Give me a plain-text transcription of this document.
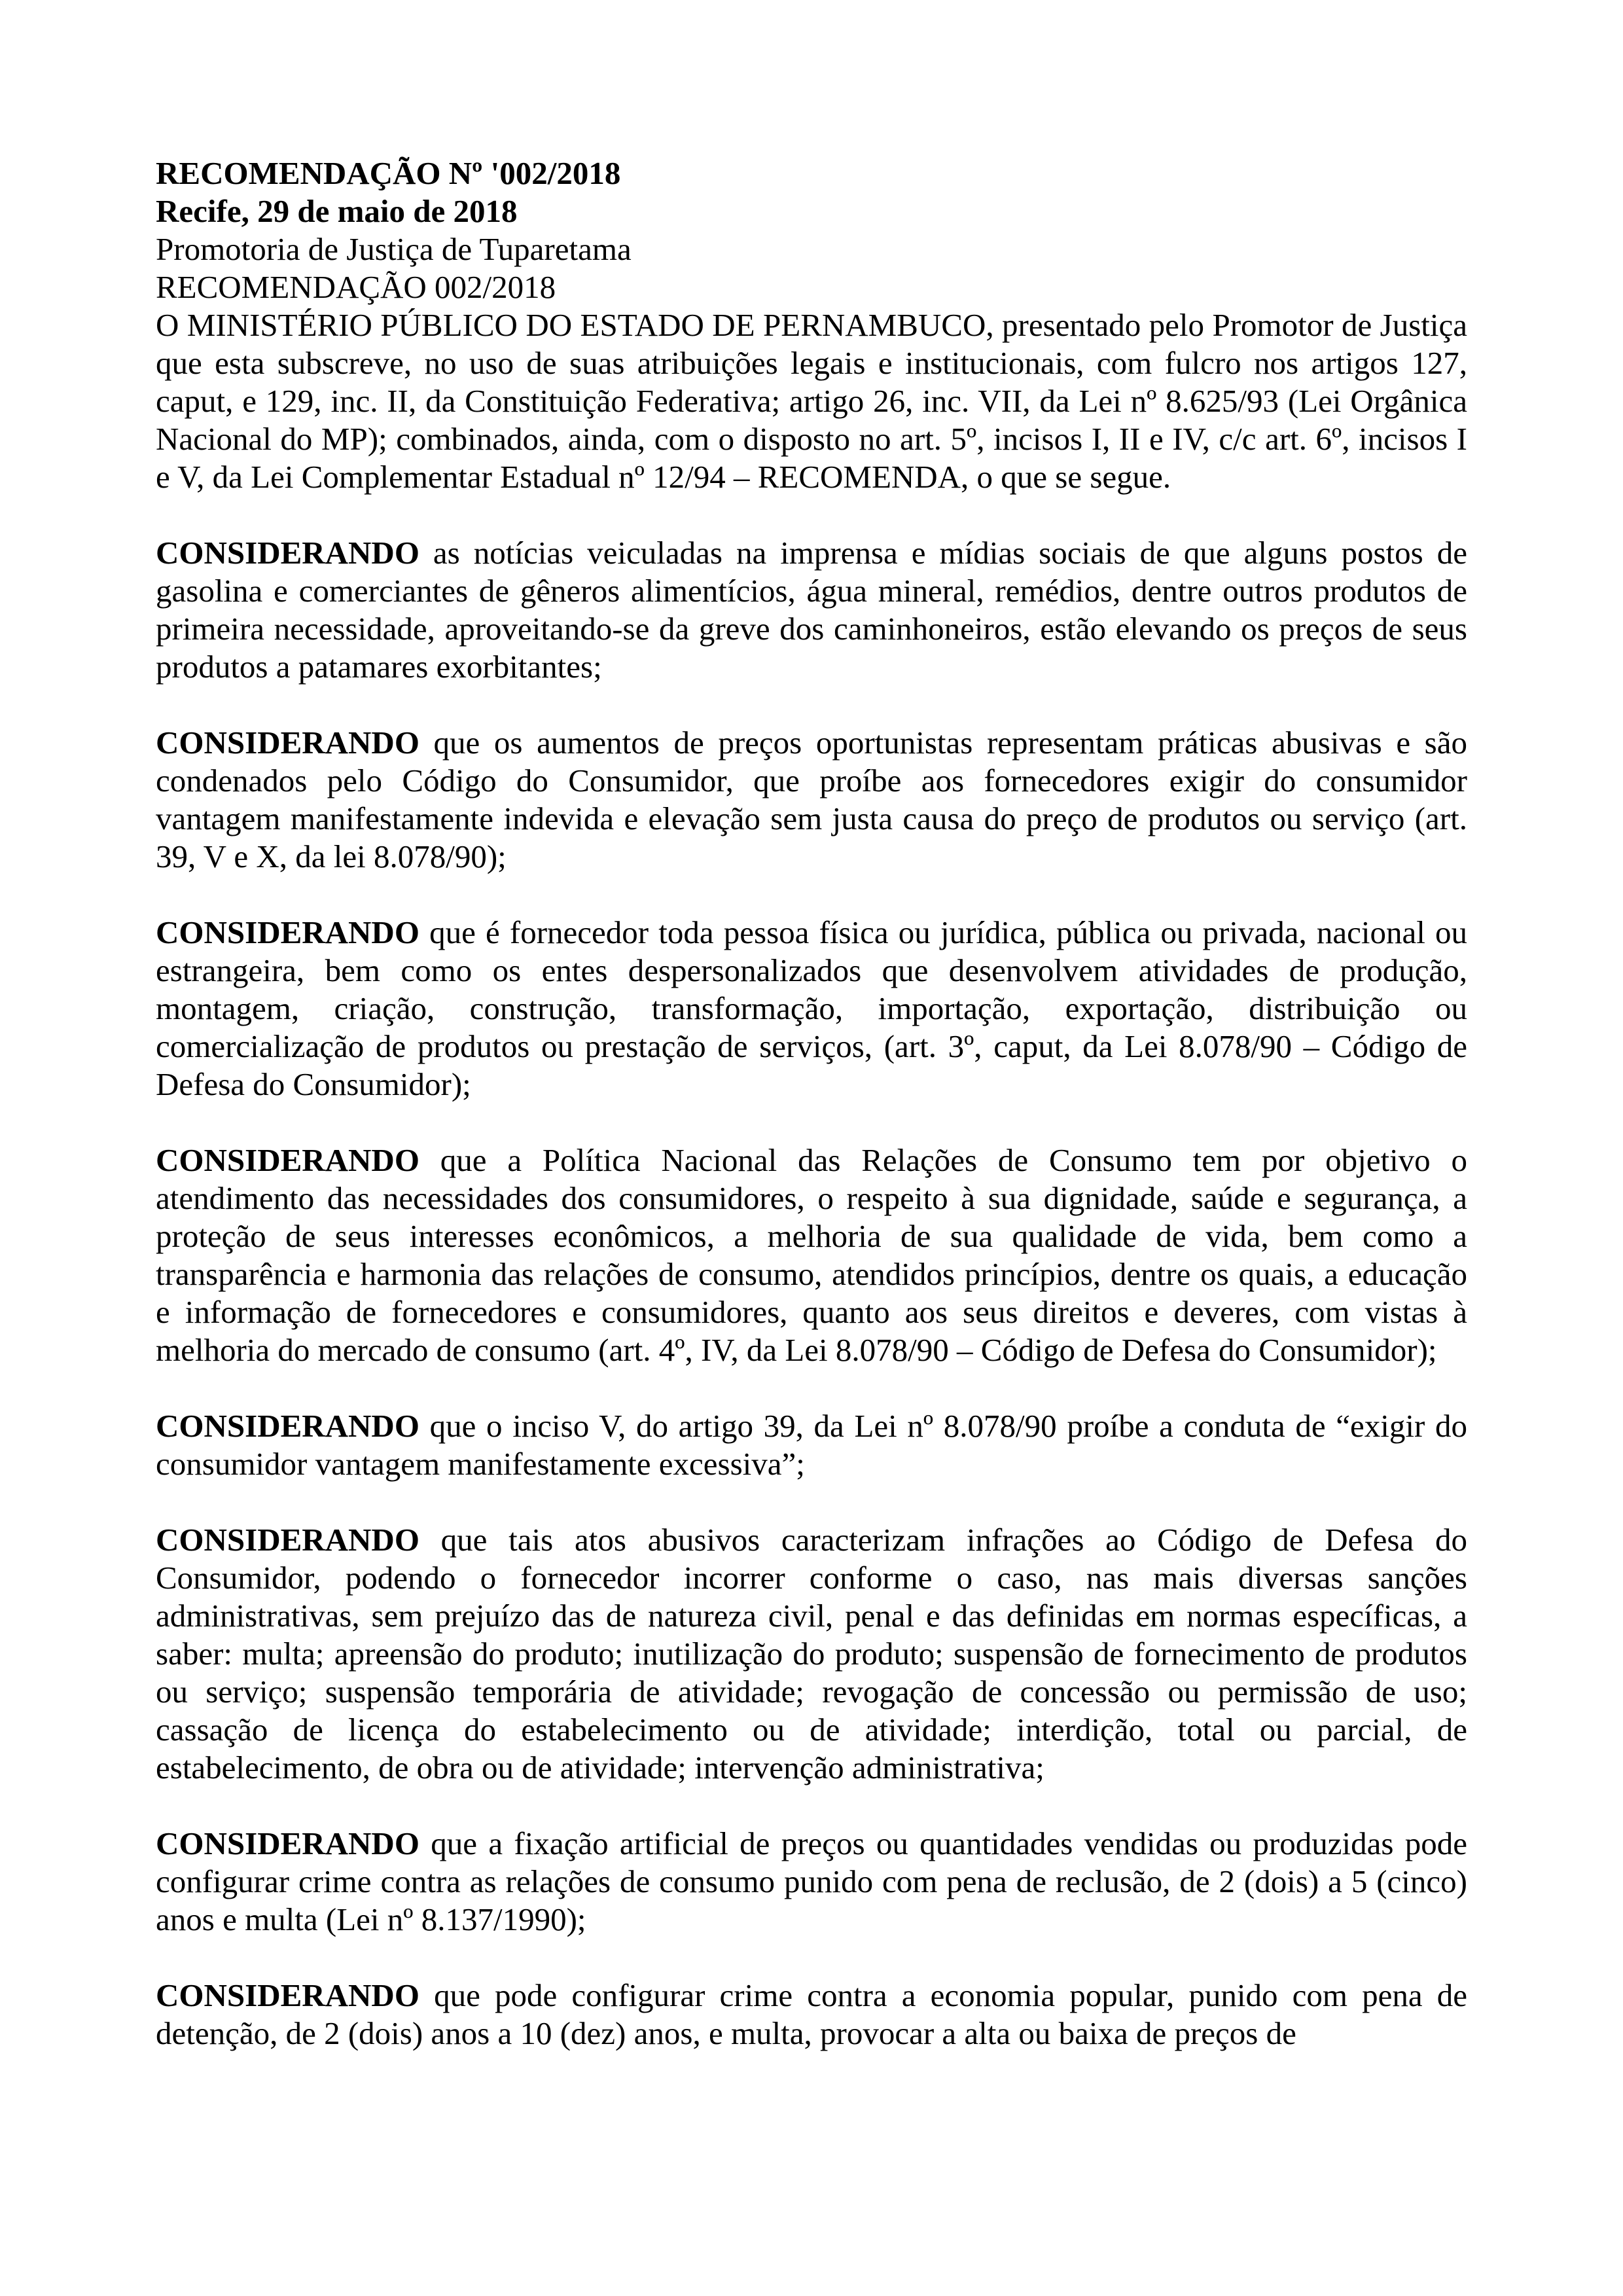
RECOMENDAÇÃO Nº '002/2018
Recife, 29 de maio de 2018
Promotoria de Justiça de Tuparetama
RECOMENDAÇÃO 002/2018

O MINISTÉRIO PÚBLICO DO ESTADO DE PERNAMBUCO, presentado pelo Promotor de Justiça que esta subscreve, no uso de suas atribuições legais e institucionais, com fulcro nos artigos 127, caput, e 129, inc. II, da Constituição Federativa; artigo 26, inc. VII, da Lei nº 8.625/93 (Lei Orgânica Nacional do MP); combinados, ainda, com o disposto no art. 5º, incisos I, II e IV, c/c art. 6º, incisos I e V, da Lei Complementar Estadual nº 12/94 – RECOMENDA, o que se segue.

CONSIDERANDO as notícias veiculadas na imprensa e mídias sociais de que alguns postos de gasolina e comerciantes de gêneros alimentícios, água mineral, remédios, dentre outros produtos de primeira necessidade, aproveitando-se da greve dos caminhoneiros, estão elevando os preços de seus produtos a patamares exorbitantes;

CONSIDERANDO que os aumentos de preços oportunistas representam práticas abusivas e são condenados pelo Código do Consumidor, que proíbe aos fornecedores exigir do consumidor vantagem manifestamente indevida e elevação sem justa causa do preço de produtos ou serviço (art. 39, V e X, da lei 8.078/90);

CONSIDERANDO que é fornecedor toda pessoa física ou jurídica, pública ou privada, nacional ou estrangeira, bem como os entes despersonalizados que desenvolvem atividades de produção, montagem, criação, construção, transformação, importação, exportação, distribuição ou comercialização de produtos ou prestação de serviços, (art. 3º, caput, da Lei 8.078/90 – Código de Defesa do Consumidor);

CONSIDERANDO que a Política Nacional das Relações de Consumo tem por objetivo o atendimento das necessidades dos consumidores, o respeito à sua dignidade, saúde e segurança, a proteção de seus interesses econômicos, a melhoria de sua qualidade de vida, bem como a transparência e harmonia das relações de consumo, atendidos princípios, dentre os quais, a educação e informação de fornecedores e consumidores, quanto aos seus direitos e deveres, com vistas à melhoria do mercado de consumo (art. 4º, IV, da Lei 8.078/90 – Código de Defesa do Consumidor);

CONSIDERANDO que o inciso V, do artigo 39, da Lei nº 8.078/90 proíbe a conduta de “exigir do consumidor vantagem manifestamente excessiva”;

CONSIDERANDO que tais atos abusivos caracterizam infrações ao Código de Defesa do Consumidor, podendo o fornecedor incorrer conforme o caso, nas mais diversas sanções administrativas, sem prejuízo das de natureza civil, penal e das definidas em normas específicas, a saber: multa; apreensão do produto; inutilização do produto; suspensão de fornecimento de produtos ou serviço; suspensão temporária de atividade; revogação de concessão ou permissão de uso; cassação de licença do estabelecimento ou de atividade; interdição, total ou parcial, de estabelecimento, de obra ou de atividade; intervenção administrativa;

CONSIDERANDO que a fixação artificial de preços ou quantidades vendidas ou produzidas pode configurar crime contra as relações de consumo punido com pena de reclusão, de 2 (dois) a 5 (cinco) anos e multa (Lei nº 8.137/1990);

CONSIDERANDO que pode configurar crime contra a economia popular, punido com pena de detenção, de 2 (dois) anos a 10 (dez) anos, e multa, provocar a alta ou baixa de preços de
